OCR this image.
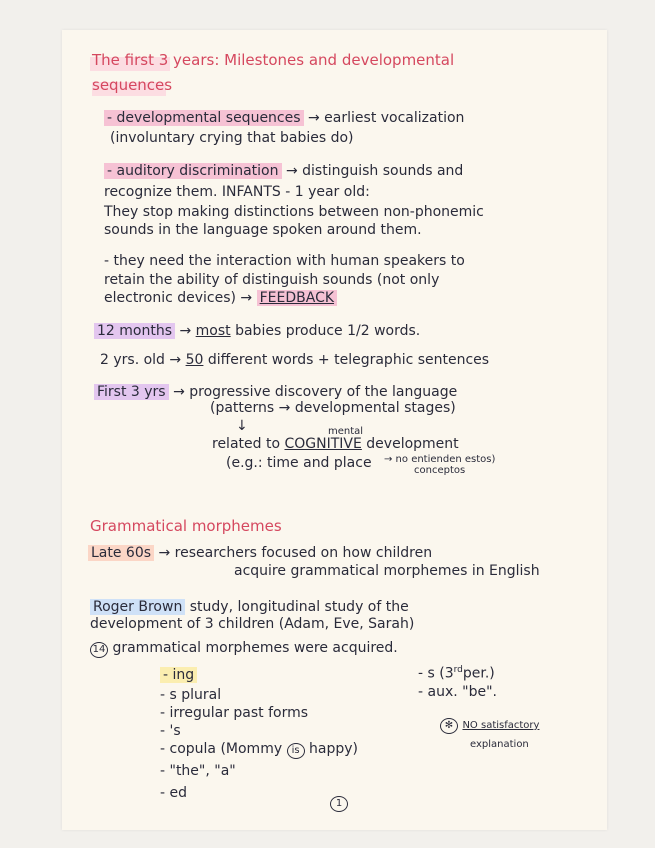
The first 3 years: Milestones and developmental
sequences
- developmental sequences → earliest vocalization
(involuntary crying that babies do)
- auditory discrimination → distinguish sounds and
recognize them. INFANTS - 1 year old:
They stop making distinctions between non-phonemic
sounds in the language spoken around them.
- they need the interaction with human speakers to
retain the ability of distinguish sounds (not only
electronic devices) → FEEDBACK
12 months → most babies produce 1/2 words.
2 yrs. old → 50 different words + telegraphic sentences
First 3 yrs → progressive discovery of the language
(patterns → developmental stages)
↓	mental
related to COGNITIVE development
(e.g.: time and place → no entienden estos)
conceptos
Grammatical morphemes
Late 60s → researchers focused on how children
acquire grammatical morphemes in English
Roger Brown study, longitudinal study of the
development of 3 children (Adam, Eve, Sarah)
14 grammatical morphemes were acquired.
- ing
- s plural
- irregular past forms
- 's
- copula (Mommy is happy)
- "the", "a"
- ed
- s (3rdper.)
- aux. "be".
✻ NO satisfactory
explanation
1
